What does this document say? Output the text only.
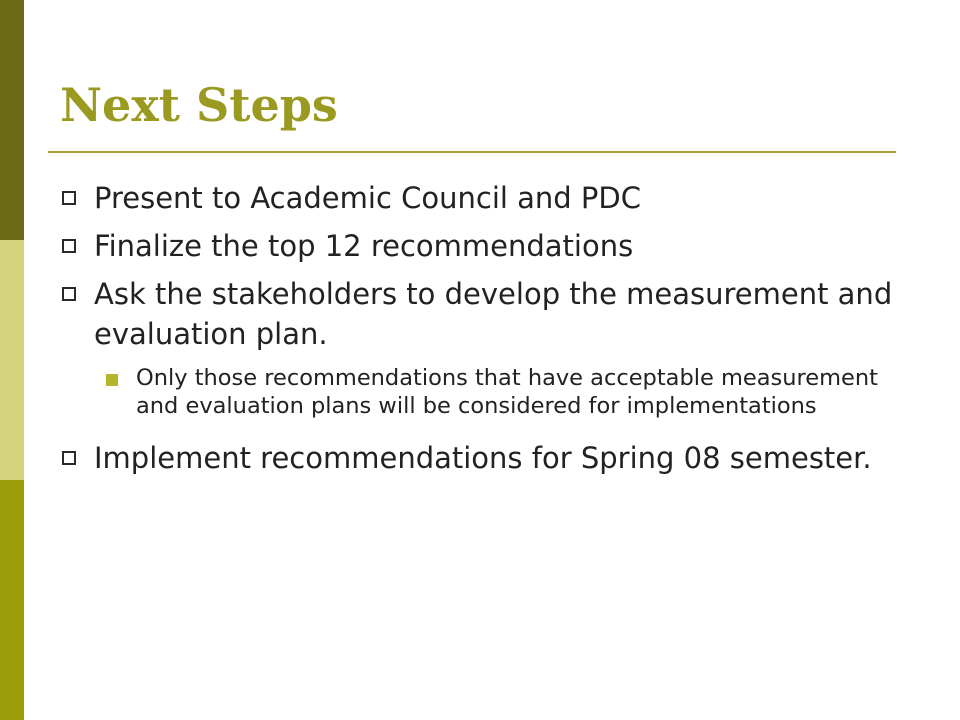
Next Steps
Present to Academic Council and PDC
Finalize the top 12 recommendations
Ask the stakeholders to develop the measurement and evaluation plan.
Only those recommendations that have acceptable measurement and evaluation plans will be considered for implementations
Implement recommendations for Spring 08 semester.
